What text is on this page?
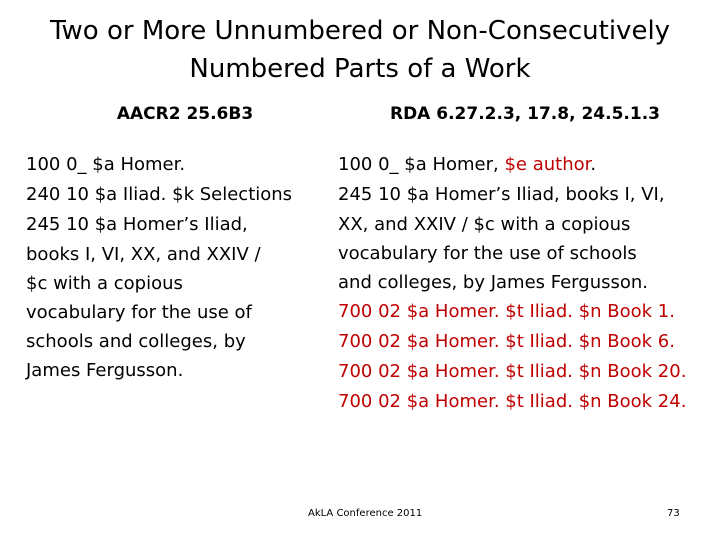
Two or More Unnumbered or Non-Consecutively
Numbered Parts of a Work
AACR2 25.6B3	RDA 6.27.2.3, 17.8, 24.5.1.3
100 0_ $a Homer.
240 10 $a Iliad. $k Selections
245 10 $a Homer’s Iliad,
books I, VI, XX, and XXIV /
$c with a copious
vocabulary for the use of
schools and colleges, by
James Fergusson.
100 0_ $a Homer, $e author.
245 10 $a Homer’s Iliad, books I, VI,
XX, and XXIV / $c with a copious
vocabulary for the use of schools
and colleges, by James Fergusson.
700 02 $a Homer. $t Iliad. $n Book 1.
700 02 $a Homer. $t Iliad. $n Book 6.
700 02 $a Homer. $t Iliad. $n Book 20.
700 02 $a Homer. $t Iliad. $n Book 24.
AkLA Conference 2011	73
